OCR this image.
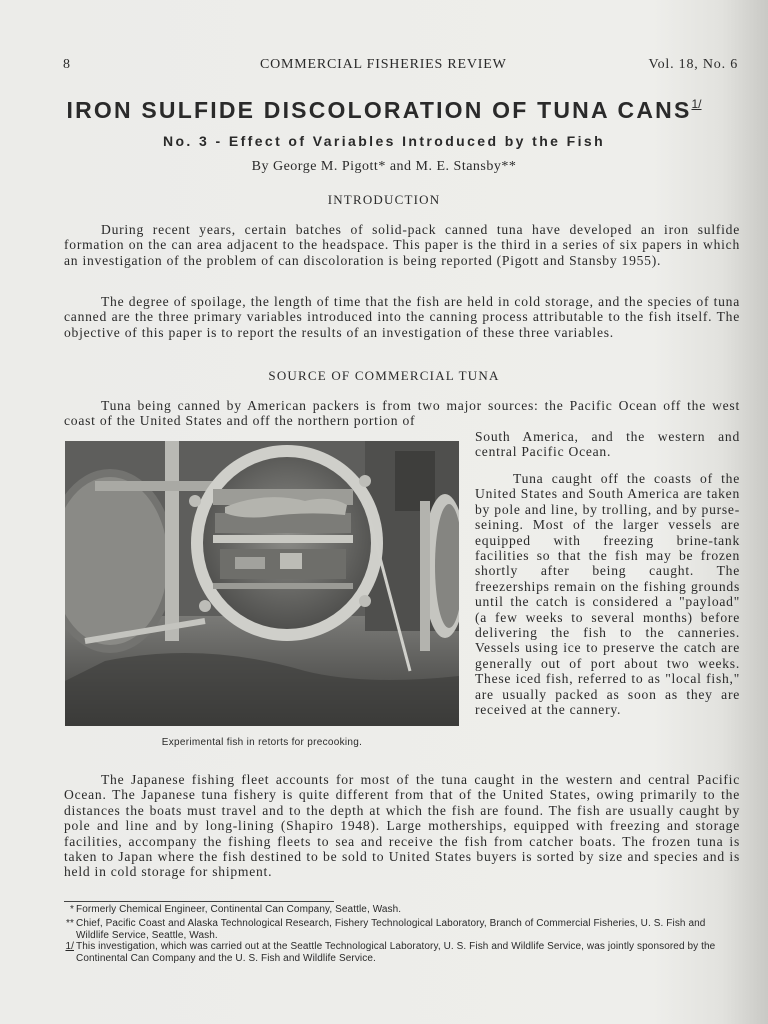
8	COMMERCIAL FISHERIES REVIEW	Vol. 18, No. 6
IRON SULFIDE DISCOLORATION OF TUNA $CANS^{1/}$
No. 3 - Effect of Variables Introduced by the Fish
By George M. Pigott* and M. E. Stansby**
INTRODUCTION

During recent years, certain batches of solid-pack canned tuna have developed an iron sulfide formation on the can area adjacent to the headspace. This paper is the third in a series of six papers in which an investigation of the problem of can discoloration is being reported (Pigott and Stansby 1955).

The degree of spoilage, the length of time that the fish are held in cold storage, and the species of tuna canned are the three primary variables introduced into the canning process attributable to the fish itself. The objective of this paper is to report the results of an investigation of these three variables.

SOURCE OF COMMERCIAL TUNA

Tuna being canned by American packers is from two major sources: the Pacific Ocean off the west coast of the United States and off the northern portion of

South America, and the western and central Pacific Ocean.

Tuna caught off the coasts of the United States and South America are taken by pole and line, by trolling, and by purse-seining. Most of the larger vessels are equipped with freezing brine-tank facilities so that the fish may be frozen shortly after being caught. The freezerships remain on the fishing grounds until the catch is considered a "payload" (a few weeks to several months) before delivering the fish to the canneries. Vessels using ice to preserve the catch are generally out of port about two weeks. These iced fish, referred to as "local fish," are usually packed as soon as they are received at the cannery.

Experimental fish in retorts for precooking.

The Japanese fishing fleet accounts for most of the tuna caught in the western and central Pacific Ocean. The Japanese tuna fishery is quite different from that of the United States, owing primarily to the distances the boats must travel and to the depth at which the fish are found. The fish are usually caught by pole and line and by long-lining (Shapiro 1948). Large motherships, equipped with freezing and storage facilities, accompany the fishing fleets to sea and receive the fish from catcher boats. The frozen tuna is taken to Japan where the fish destined to be sold to United States buyers is sorted by size and species and is held in cold storage for shipment.

* Formerly Chemical Engineer, Continental Can Company, Seattle, Wash.
** Chief, Pacific Coast and Alaska Technological Research, Fishery Technological Laboratory, Branch of Commercial Fisheries, U. S. Fish and Wildlife Service, Seattle, Wash.
1/ This investigation, which was carried out at the Seattle Technological Laboratory, U. S. Fish and Wildlife Service, was jointly sponsored by the Continental Can Company and the U. S. Fish and Wildlife Service.
